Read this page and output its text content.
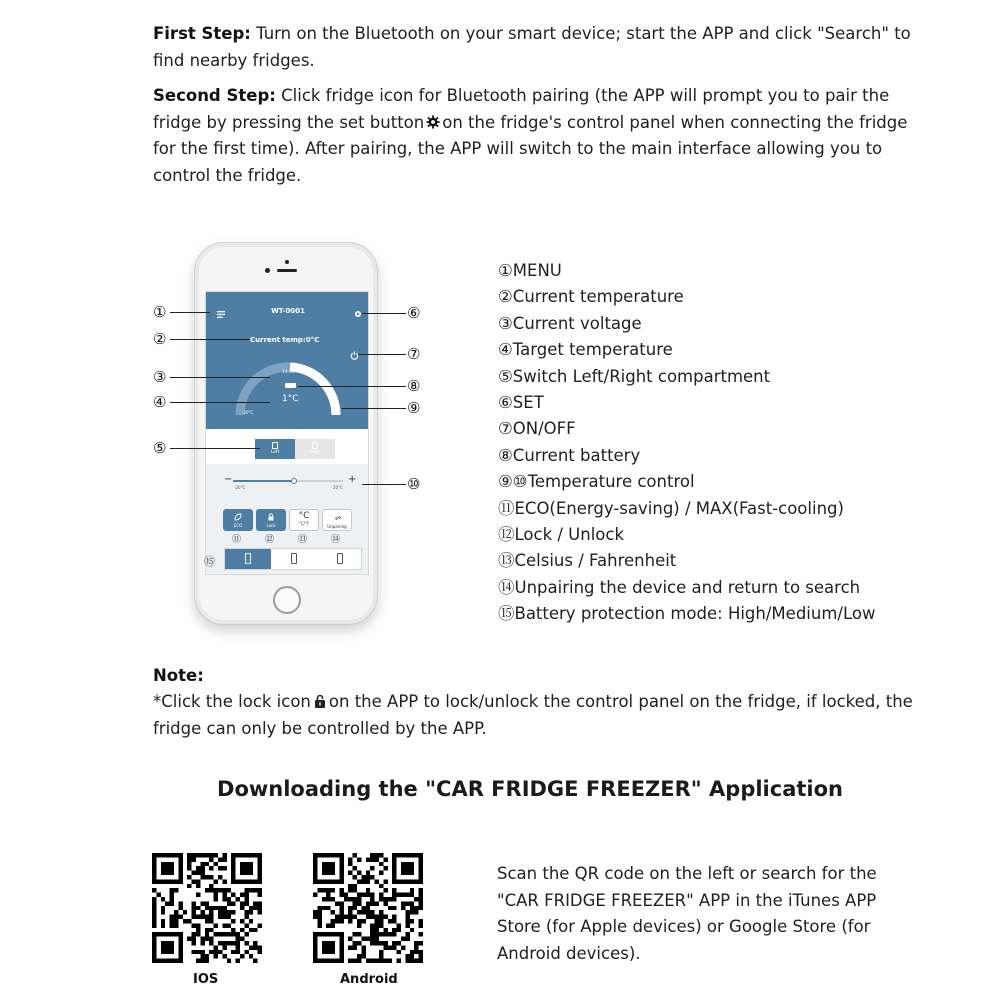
First Step: Turn on the Bluetooth on your smart device; start the APP and click "Search" to find nearby fridges.
Second Step: Click fridge icon for Bluetooth pairing (the APP will prompt you to pair the fridge by pressing the set button on the fridge's control panel when connecting the fridge for the first time). After pairing, the APP will switch to the main interface allowing you to control the fridge.
WT-0001
Current temp:0°C
14.6V
1°C
-20°C	20°C
Left	Right
−	+
-20°C	20°C
ECO	Lock
°C
°C/°F
Unpairing
⑪	⑫	⑬	⑭
⑮
①
②
③
④
⑤
⑥
⑦
⑧
⑨
⑩
①MENU
②Current temperature
③Current voltage
④Target temperature
⑤Switch Left/Right compartment
⑥SET
⑦ON/OFF
⑧Current battery
⑨⑩Temperature control
⑪ECO(Energy-saving) / MAX(Fast-cooling)
⑫Lock / Unlock
⑬Celsius / Fahrenheit
⑭Unpairing the device and return to search
⑮Battery protection mode: High/Medium/Low
Note:
*Click the lock icon on the APP to lock/unlock the control panel on the fridge, if locked, the fridge can only be controlled by the APP.
Downloading the "CAR FRIDGE FREEZER" Application
IOS	Android
Scan the QR code on the left or search for the "CAR FRIDGE FREEZER" APP in the iTunes APP Store (for Apple devices) or Google Store (for Android devices).
